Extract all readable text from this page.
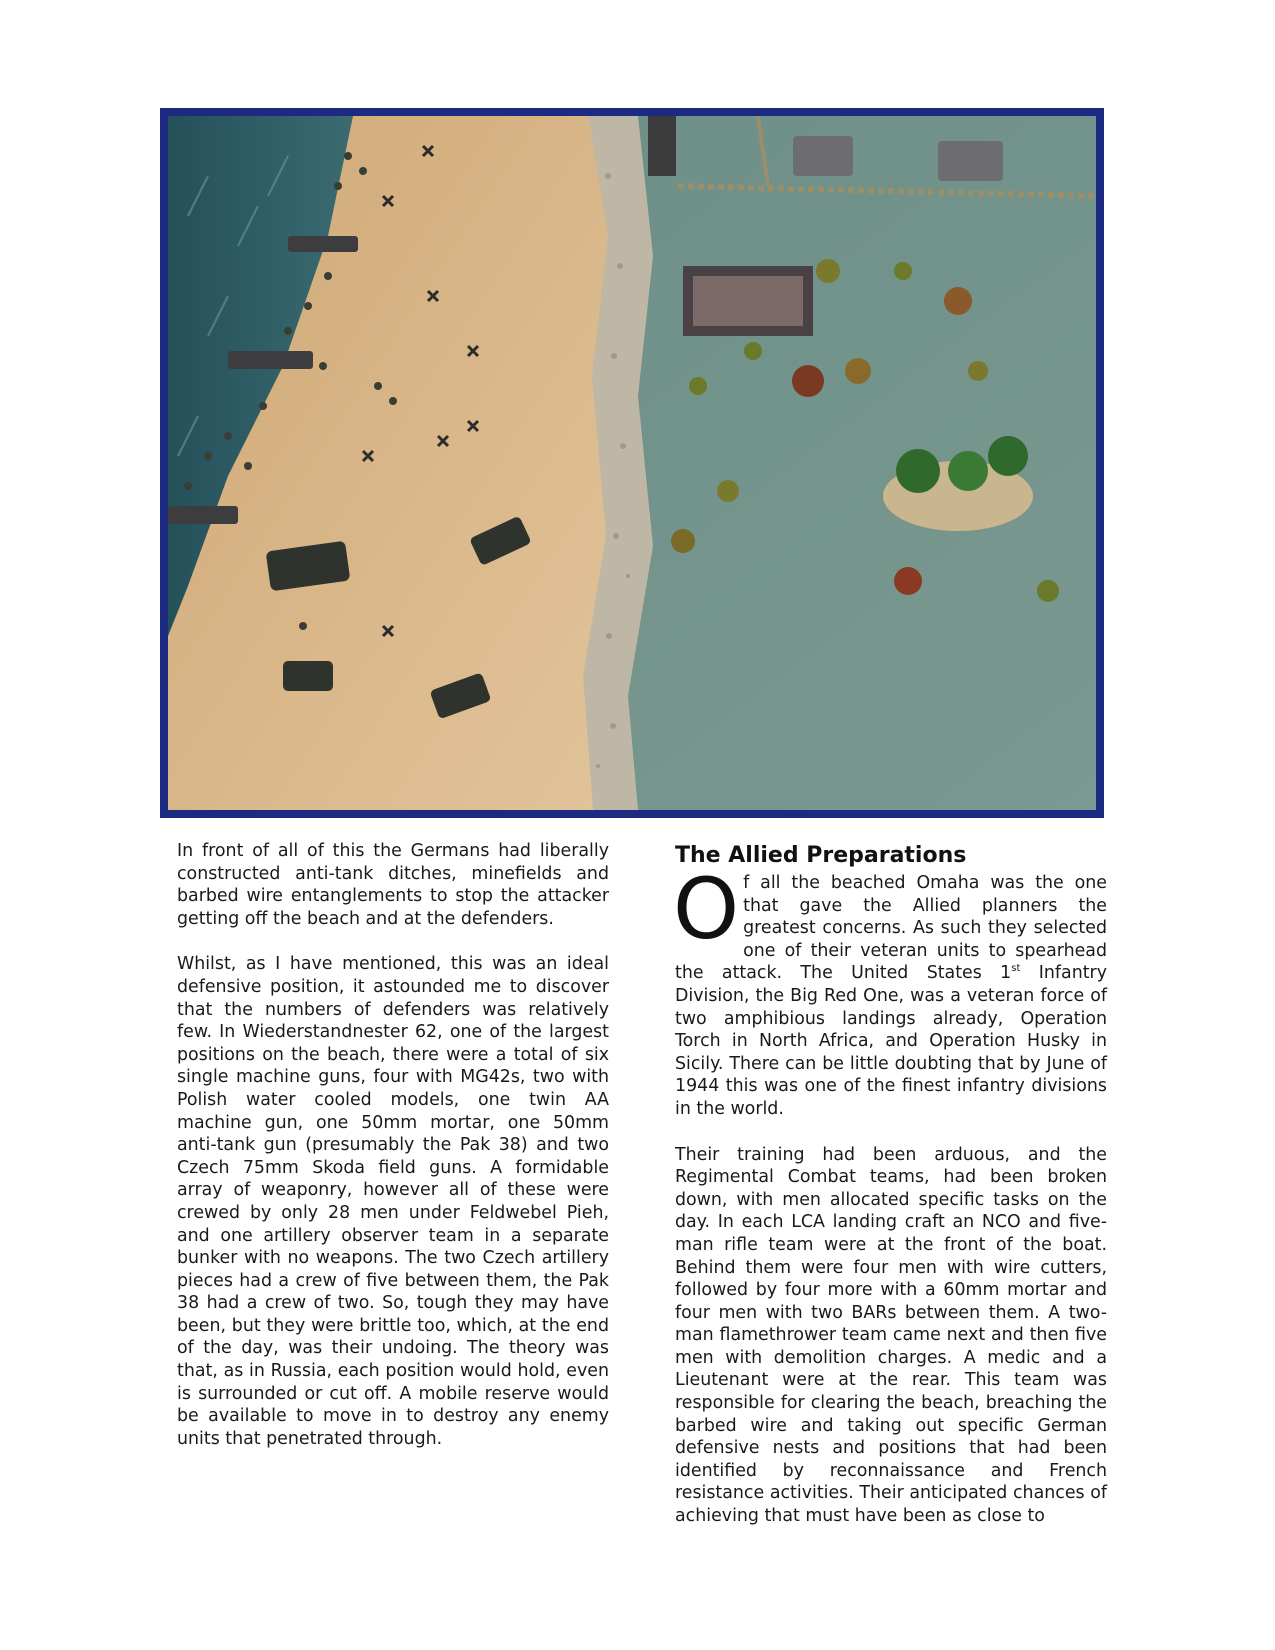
In front of all of this the Germans had liberally constructed anti-tank ditches, minefields and barbed wire entanglements to stop the attacker getting off the beach and at the defenders.

Whilst, as I have mentioned, this was an ideal defensive position, it astounded me to discover that the numbers of defenders was relatively few. In Wiederstandnester 62, one of the largest positions on the beach, there were a total of six single machine guns, four with MG42s, two with Polish water cooled models, one twin AA machine gun, one 50mm mortar, one 50mm anti-tank gun (presumably the Pak 38) and two Czech 75mm Skoda field guns. A formidable array of weaponry, however all of these were crewed by only 28 men under Feldwebel Pieh, and one artillery observer team in a separate bunker with no weapons. The two Czech artillery pieces had a crew of five between them, the Pak 38 had a crew of two. So, tough they may have been, but they were brittle too, which, at the end of the day, was their undoing. The theory was that, as in Russia, each position would hold, even is surrounded or cut off. A mobile reserve would be available to move in to destroy any enemy units that penetrated through.

The Allied Preparations

Of all the beached Omaha was the one that gave the Allied planners the greatest concerns. As such they selected one of their veteran units to spearhead the attack. The United States 1st Infantry Division, the Big Red One, was a veteran force of two amphibious landings already, Operation Torch in North Africa, and Operation Husky in Sicily. There can be little doubting that by June of 1944 this was one of the finest infantry divisions in the world.

Their training had been arduous, and the Regimental Combat teams, had been broken down, with men allocated specific tasks on the day. In each LCA landing craft an NCO and five-man rifle team were at the front of the boat. Behind them were four men with wire cutters, followed by four more with a 60mm mortar and four men with two BARs between them. A two-man flamethrower team came next and then five men with demolition charges. A medic and a Lieutenant were at the rear. This team was responsible for clearing the beach, breaching the barbed wire and taking out specific German defensive nests and positions that had been identified by reconnaissance and French resistance activities. Their anticipated chances of achieving that must have been as close to
